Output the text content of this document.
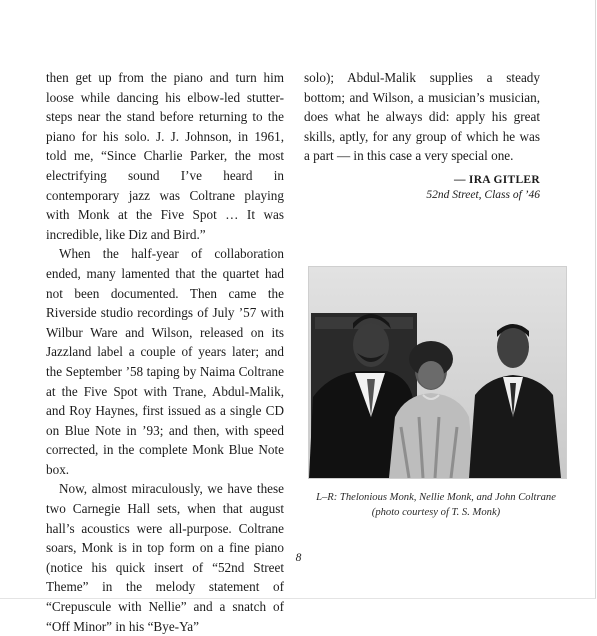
then get up from the piano and turn him loose while dancing his elbow-led stutter-steps near the stand before returning to the piano for his solo. J. J. Johnson, in 1961, told me, “Since Charlie Parker, the most electrifying sound I’ve heard in contemporary jazz was Coltrane playing with Monk at the Five Spot … It was incredible, like Diz and Bird.”

When the half-year of collaboration ended, many lamented that the quartet had not been documented. Then came the Riverside studio recordings of July ’57 with Wilbur Ware and Wilson, released on its Jazzland label a couple of years later; and the September ’58 taping by Naima Coltrane at the Five Spot with Trane, Abdul-Malik, and Roy Haynes, first issued as a single CD on Blue Note in ’93; and then, with speed corrected, in the complete Monk Blue Note box.

Now, almost miraculously, we have these two Carnegie Hall sets, when that august hall’s acoustics were all-purpose. Coltrane soars, Monk is in top form on a fine piano (notice his quick insert of “52nd Street Theme” in the melody statement of “Crepuscule with Nellie” and a snatch of “Off Minor” in his “Bye-Ya”

solo); Abdul-Malik supplies a steady bottom; and Wilson, a musician’s musician, does what he always did: apply his great skills, aptly, for any group of which he was a part — in this case a very special one.

— IRA GITLER
52nd Street, Class of ’46
L–R: Thelonious Monk, Nellie Monk, and John Coltrane
(photo courtesy of T. S. Monk)
8
